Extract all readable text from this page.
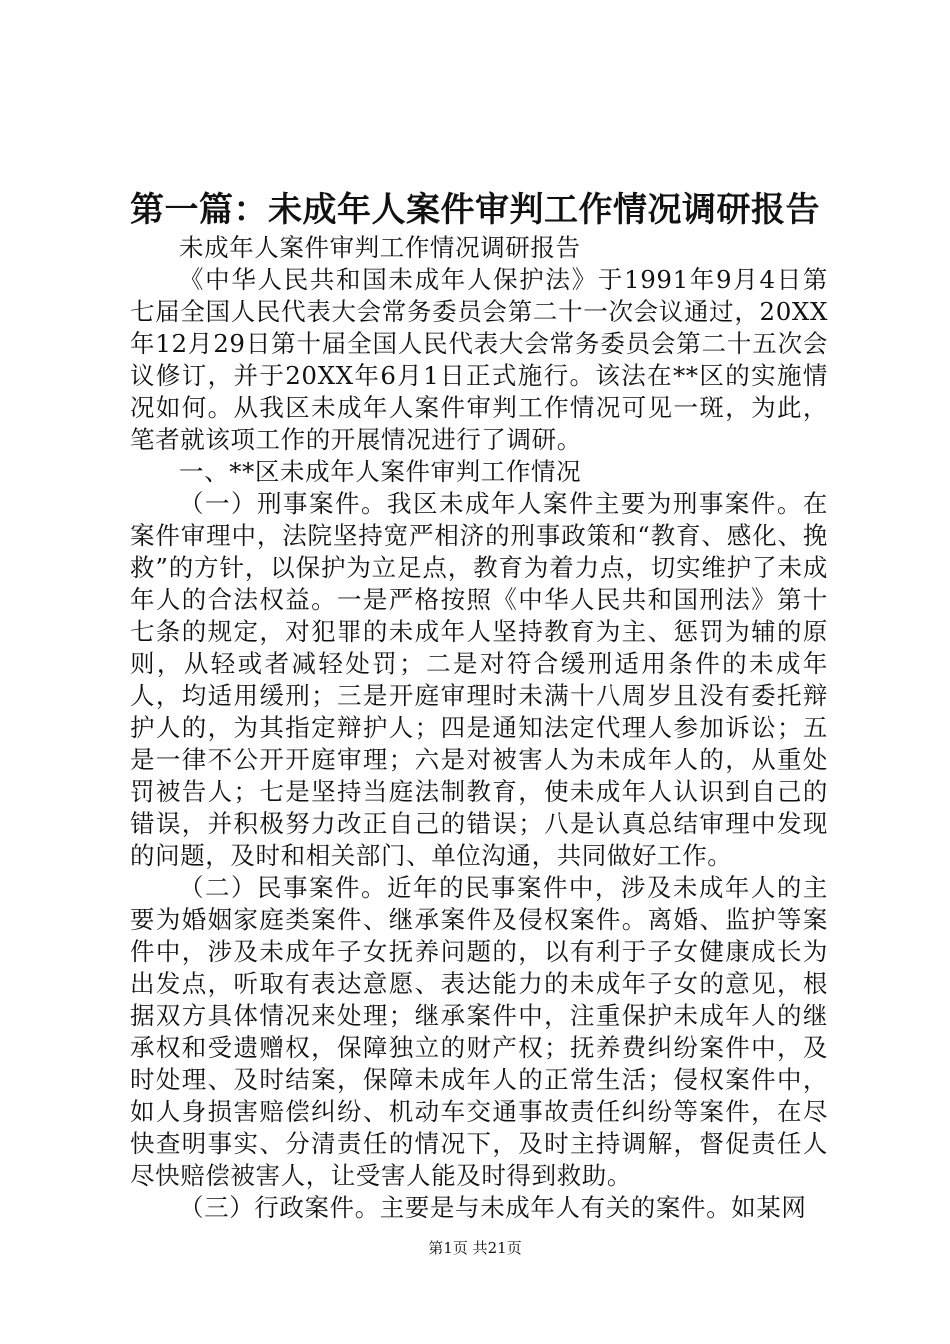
第一篇：未成年人案件审判工作情况调研报告

未成年人案件审判工作情况调研报告

《中华人民共和国未成年人保护法》于1991年9月4日第七届全国人民代表大会常务委员会第二十一次会议通过，20XX年12月29日第十届全国人民代表大会常务委员会第二十五次会议修订，并于20XX年6月1日正式施行。该法在**区的实施情况如何。从我区未成年人案件审判工作情况可见一斑，为此，笔者就该项工作的开展情况进行了调研。

一、**区未成年人案件审判工作情况

（一）刑事案件。我区未成年人案件主要为刑事案件。在案件审理中，法院坚持宽严相济的刑事政策和“教育、感化、挽救”的方针，以保护为立足点，教育为着力点，切实维护了未成年人的合法权益。一是严格按照《中华人民共和国刑法》第十七条的规定，对犯罪的未成年人坚持教育为主、惩罚为辅的原则，从轻或者减轻处罚；二是对符合缓刑适用条件的未成年人，均适用缓刑；三是开庭审理时未满十八周岁且没有委托辩护人的，为其指定辩护人；四是通知法定代理人参加诉讼；五是一律不公开开庭审理；六是对被害人为未成年人的，从重处罚被告人；七是坚持当庭法制教育，使未成年人认识到自己的错误，并积极努力改正自己的错误；八是认真总结审理中发现的问题，及时和相关部门、单位沟通，共同做好工作。

（二）民事案件。近年的民事案件中，涉及未成年人的主要为婚姻家庭类案件、继承案件及侵权案件。离婚、监护等案件中，涉及未成年子女抚养问题的，以有利于子女健康成长为出发点，听取有表达意愿、表达能力的未成年子女的意见，根据双方具体情况来处理；继承案件中，注重保护未成年人的继承权和受遗赠权，保障独立的财产权；抚养费纠纷案件中，及时处理、及时结案，保障未成年人的正常生活；侵权案件中，如人身损害赔偿纠纷、机动车交通事故责任纠纷等案件，在尽快查明事实、分清责任的情况下，及时主持调解，督促责任人尽快赔偿被害人，让受害人能及时得到救助。

（三）行政案件。主要是与未成年人有关的案件。如某网

第1页 共21页
